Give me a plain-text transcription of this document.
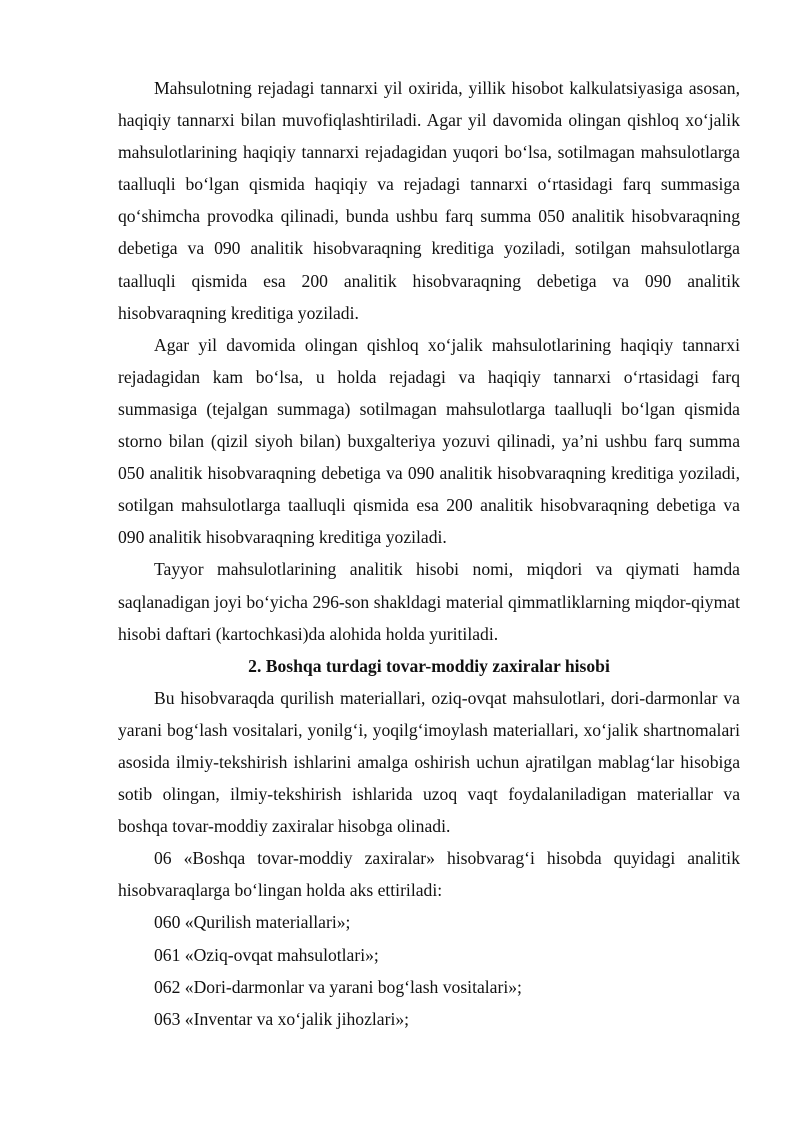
Mahsulotning rejadagi tannarxi yil oxirida, yillik hisobot kalkulatsiyasiga asosan, haqiqiy tannarxi bilan muvofiqlashtiriladi. Agar yil davomida olingan qishloq xo‘jalik mahsulotlarining haqiqiy tannarxi rejadagidan yuqori bo‘lsa, sotilmagan mahsulotlarga taalluqli bo‘lgan qismida haqiqiy va rejadagi tannarxi o‘rtasidagi farq summasiga qo‘shimcha provodka qilinadi, bunda ushbu farq summa 050 analitik hisobvaraqning debetiga va 090 analitik hisobvaraqning kreditiga yoziladi, sotilgan mahsulotlarga taalluqli qismida esa 200 analitik hisobvaraqning debetiga va 090 analitik hisobvaraqning kreditiga yoziladi.

Agar yil davomida olingan qishloq xo‘jalik mahsulotlarining haqiqiy tannarxi rejadagidan kam bo‘lsa, u holda rejadagi va haqiqiy tannarxi o‘rtasidagi farq summasiga (tejalgan summaga) sotilmagan mahsulotlarga taalluqli bo‘lgan qismida storno bilan (qizil siyoh bilan) buxgalteriya yozuvi qilinadi, ya’ni ushbu farq summa 050 analitik hisobvaraqning debetiga va 090 analitik hisobvaraqning kreditiga yoziladi, sotilgan mahsulotlarga taalluqli qismida esa 200 analitik hisobvaraqning debetiga va 090 analitik hisobvaraqning kreditiga yoziladi.

Tayyor mahsulotlarining analitik hisobi nomi, miqdori va qiymati hamda saqlanadigan joyi bo‘yicha 296-son shakldagi material qimmatliklarning miqdor-qiymat hisobi daftari (kartochkasi)da alohida holda yuritiladi.

2. Boshqa turdagi tovar-moddiy zaxiralar hisobi

Bu hisobvaraqda qurilish materiallari, oziq-ovqat mahsulotlari, dori-darmonlar va yarani bog‘lash vositalari, yonilg‘i, yoqilg‘imoylash materiallari, xo‘jalik shartnomalari asosida ilmiy-tekshirish ishlarini amalga oshirish uchun ajratilgan mablag‘lar hisobiga sotib olingan, ilmiy-tekshirish ishlarida uzoq vaqt foydalaniladigan materiallar va boshqa tovar-moddiy zaxiralar hisobga olinadi.

06 «Boshqa tovar-moddiy zaxiralar» hisobvarag‘i hisobda quyidagi analitik hisobvaraqlarga bo‘lingan holda aks ettiriladi:

060 «Qurilish materiallari»;

061 «Oziq-ovqat mahsulotlari»;

062 «Dori-darmonlar va yarani bog‘lash vositalari»;

063 «Inventar va xo‘jalik jihozlari»;
